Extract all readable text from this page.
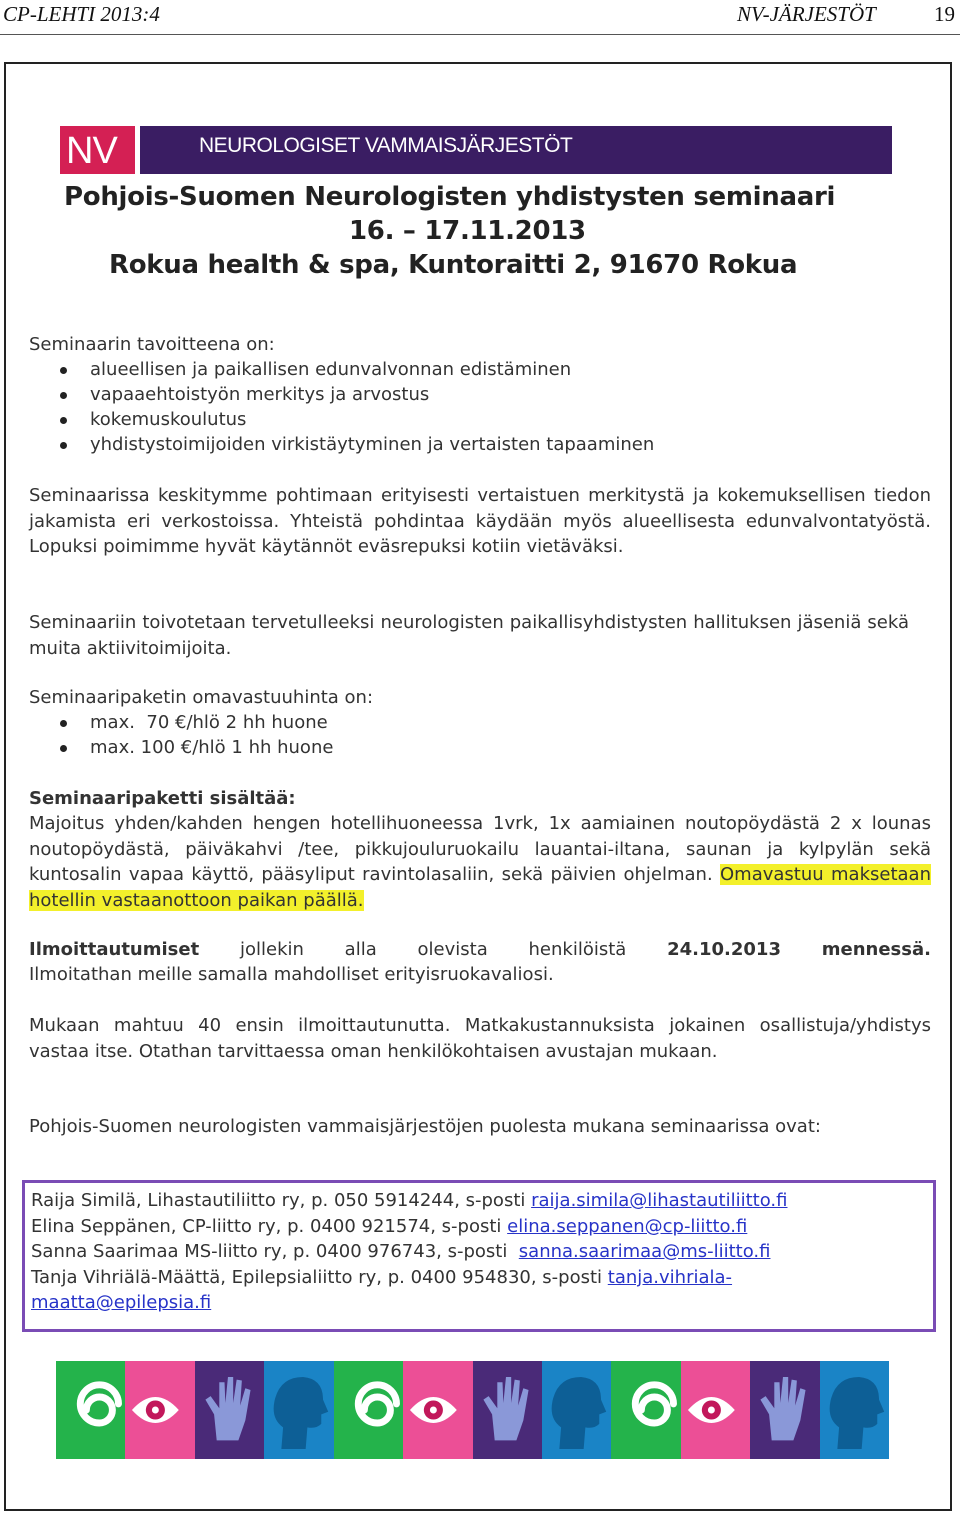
CP-LEHTI 2013:4	NV-JÄRJESTÖT	19
NV	NEUROLOGISET VAMMAISJÄRJESTÖT
Pohjois-Suomen Neurologisten yhdistysten seminaari
16. – 17.11.2013
Rokua health & spa, Kuntoraitti 2, 91670 Rokua
Seminaarin tavoitteena on:
alueellisen ja paikallisen edunvalvonnan edistäminen
vapaaehtoistyön merkitys ja arvostus
kokemuskoulutus
yhdistystoimijoiden virkistäytyminen ja vertaisten tapaaminen
Seminaarissa keskitymme pohtimaan erityisesti vertaistuen merkitystä ja kokemuksellisen tiedon jakamista eri verkostoissa. Yhteistä pohdintaa käydään myös alueellisesta edunvalvontatyöstä. Lopuksi poimimme hyvät käytännöt eväsrepuksi kotiin vietäväksi.
Seminaariin toivotetaan tervetulleeksi neurologisten paikallisyhdistysten hallituksen jäseniä sekä muita aktiivitoimijoita.
Seminaaripaketin omavastuuhinta on:
max.  70 €/hlö 2 hh huone
max. 100 €/hlö 1 hh huone
Seminaaripaketti sisältää:
Majoitus yhden/kahden hengen hotellihuoneessa 1vrk, 1x aamiainen noutopöydästä 2 x lounas noutopöydästä, päiväkahvi /tee, pikkujouluruokailu lauantai-iltana, saunan ja kylpylän sekä kuntosalin vapaa käyttö, pääsyliput ravintolasaliin, sekä päivien ohjelman. Omavastuu maksetaan hotellin vastaanottoon paikan päällä.
Ilmoittautumiset jollekin alla olevista henkilöistä 24.10.2013 mennessä.
Ilmoitathan meille samalla mahdolliset erityisruokavaliosi.
Mukaan mahtuu 40 ensin ilmoittautunutta. Matkakustannuksista jokainen osallistuja/yhdistys vastaa itse. Otathan tarvittaessa oman henkilökohtaisen avustajan mukaan.
Pohjois-Suomen neurologisten vammaisjärjestöjen puolesta mukana seminaarissa ovat:
Raija Similä, Lihastautiliitto ry, p. 050 5914244, s-posti raija.simila@lihastautiliitto.fi
Elina Seppänen, CP-liitto ry, p. 0400 921574, s-posti elina.seppanen@cp-liitto.fi
Sanna Saarimaa MS-liitto ry, p. 0400 976743, s-posti  sanna.saarimaa@ms-liitto.fi
Tanja Vihriälä-Määttä, Epilepsialiitto ry, p. 0400 954830, s-posti tanja.vihriala-
maatta@epilepsia.fi
